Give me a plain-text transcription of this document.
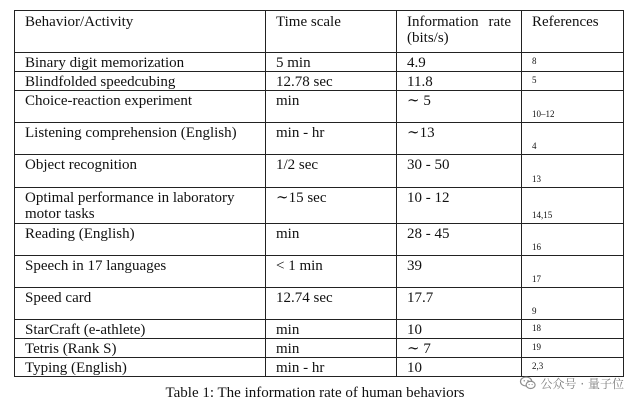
Behavior/Activity	Time scale	Information rate
(bits/s)	References
Binary digit memorization	5 min	4.9	8
Blindfolded speedcubing	12.78 sec	11.8	5
Choice-reaction experiment	min	∼ 5	10–12
Listening comprehension (English)	min - hr	∼13	4
Object recognition	1/2 sec	30 - 50	13

Optimal performance in laboratory
motor tasks	∼15 sec	10 - 12	14,15
Reading (English)	min	28 - 45	16
Speech in 17 languages	< 1 min	39	17
Speed card	12.74 sec	17.7	9
StarCraft (e-athlete)	min	10	18
Tetris (Rank S)	min	∼ 7	19
Typing (English)	min - hr	10	2,3
Table 1: The information rate of human behaviors
公众号 · 量子位
